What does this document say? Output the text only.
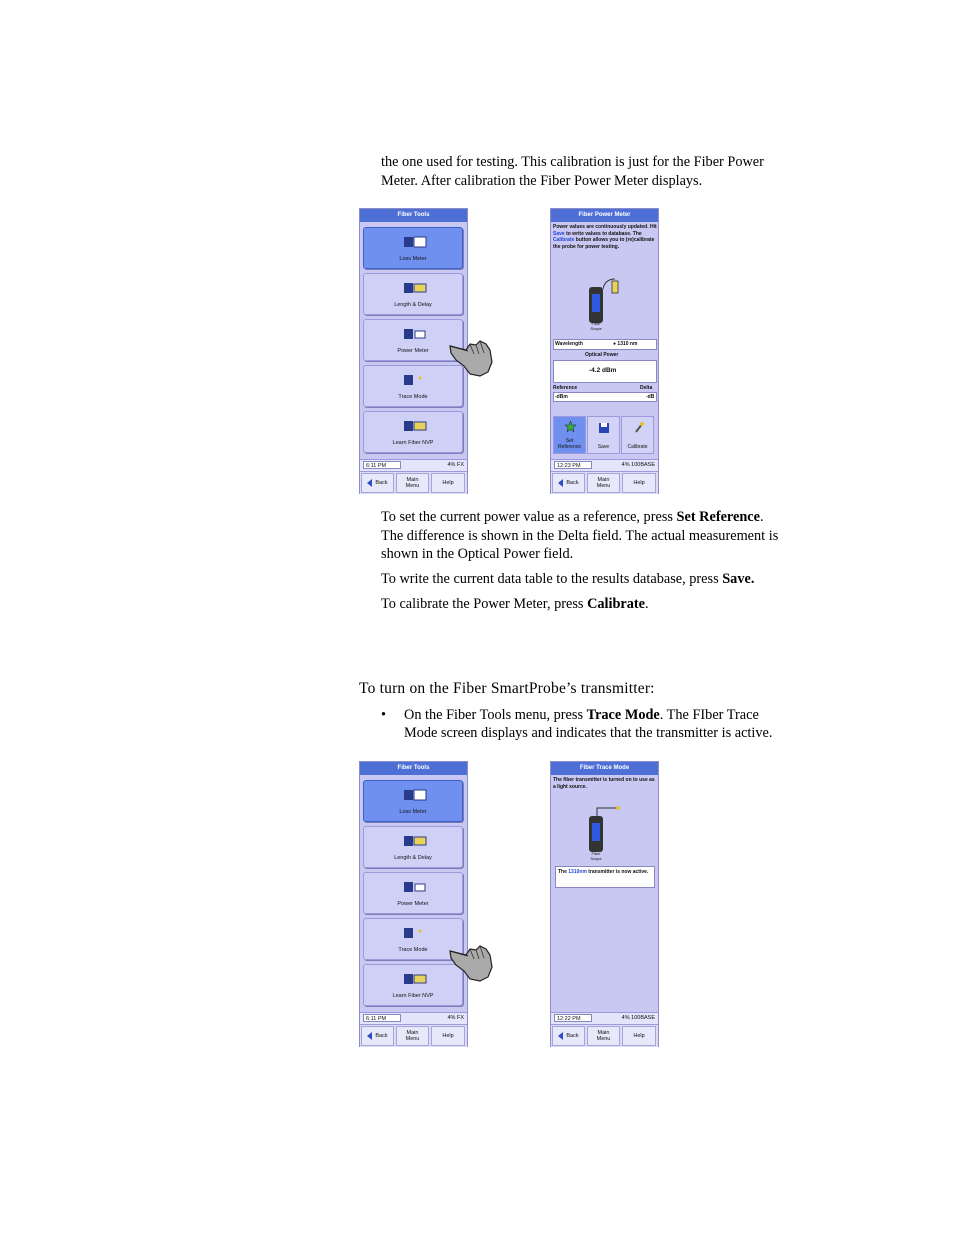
the one used for testing. This calibration is just for the Fiber Power

Meter. After calibration the Fiber Power Meter displays.

Fiber Tools
Loss Meter
Length & Delay
Power Meter
Trace Mode
Learn Fiber NVP
6:11 PM	4% FX
Back	Main
Menu	Help
Fiber Power Meter
Power values are continuously updated. Hit Save to write values to database. The Calibrate button allows you to (re)calibrate the probe for power testing.
Fiber Scope
Wavelength	● 1310 nm
Optical Power
-4.2 dBm
Reference	Delta
-dBm	-dB
Set
Reference	Save	Calibrate
12:23 PM	4% 100BASE
Back	Main
Menu	Help

To set the current power value as a reference, press Set Reference.

The difference is shown in the Delta field. The actual measurement is

shown in the Optical Power field.

To write the current data table to the results database, press Save.

To calibrate the Power Meter, press Calibrate.

To turn on the Fiber SmartProbe’s transmitter:

• On the Fiber Tools menu, press Trace Mode. The FIber Trace

Mode screen displays and indicates that the transmitter is active.

Fiber Tools
Loss Meter
Length & Delay
Power Meter
Trace Mode
Learn Fiber NVP
6:11 PM	4% FX
Back	Main
Menu	Help
Fiber Trace Mode
The fiber transmitter is turned on to use as a light source.
Fiber Scope
The 1310nm transmitter is now active.
12:22 PM	4% 100BASE
Back	Main
Menu	Help
